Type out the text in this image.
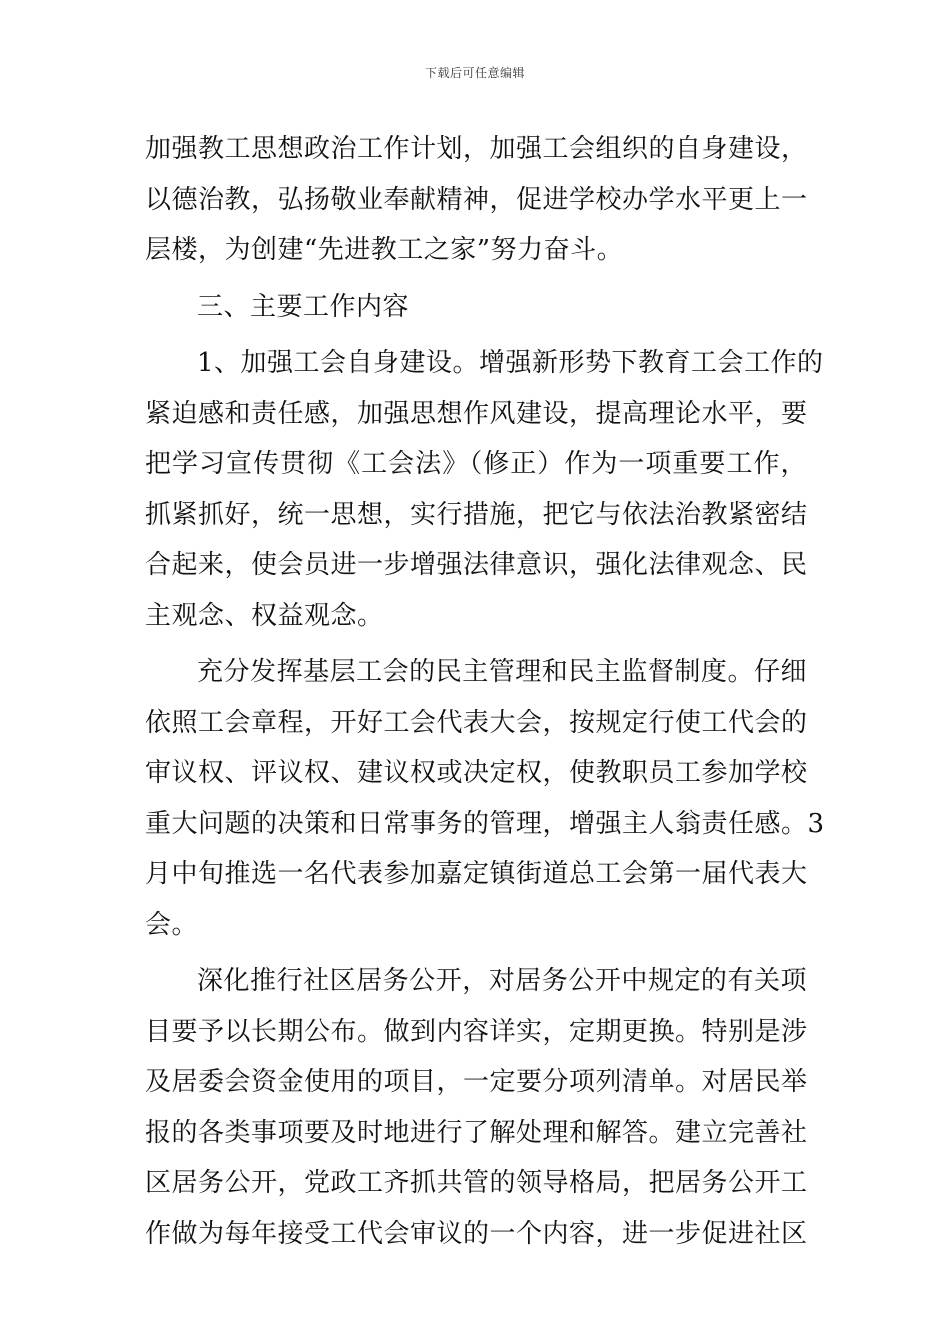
下载后可任意编辑
加强教工思想政治工作计划，加强工会组织的自身建设，
以德治教，弘扬敬业奉献精神，促进学校办学水平更上一
层楼，为创建“先进教工之家”努力奋斗。
三、主要工作内容
1、加强工会自身建设。增强新形势下教育工会工作的
紧迫感和责任感，加强思想作风建设，提高理论水平，要
把学习宣传贯彻《工会法》（修正）作为一项重要工作，
抓紧抓好，统一思想，实行措施，把它与依法治教紧密结
合起来，使会员进一步增强法律意识，强化法律观念、民
主观念、权益观念。
充分发挥基层工会的民主管理和民主监督制度。仔细
依照工会章程，开好工会代表大会，按规定行使工代会的
审议权、评议权、建议权或决定权，使教职员工参加学校
重大问题的决策和日常事务的管理，增强主人翁责任感。3
月中旬推选一名代表参加嘉定镇街道总工会第一届代表大
会。
深化推行社区居务公开，对居务公开中规定的有关项
目要予以长期公布。做到内容详实，定期更换。特别是涉
及居委会资金使用的项目，一定要分项列清单。对居民举
报的各类事项要及时地进行了解处理和解答。建立完善社
区居务公开，党政工齐抓共管的领导格局，把居务公开工
作做为每年接受工代会审议的一个内容，进一步促进社区
